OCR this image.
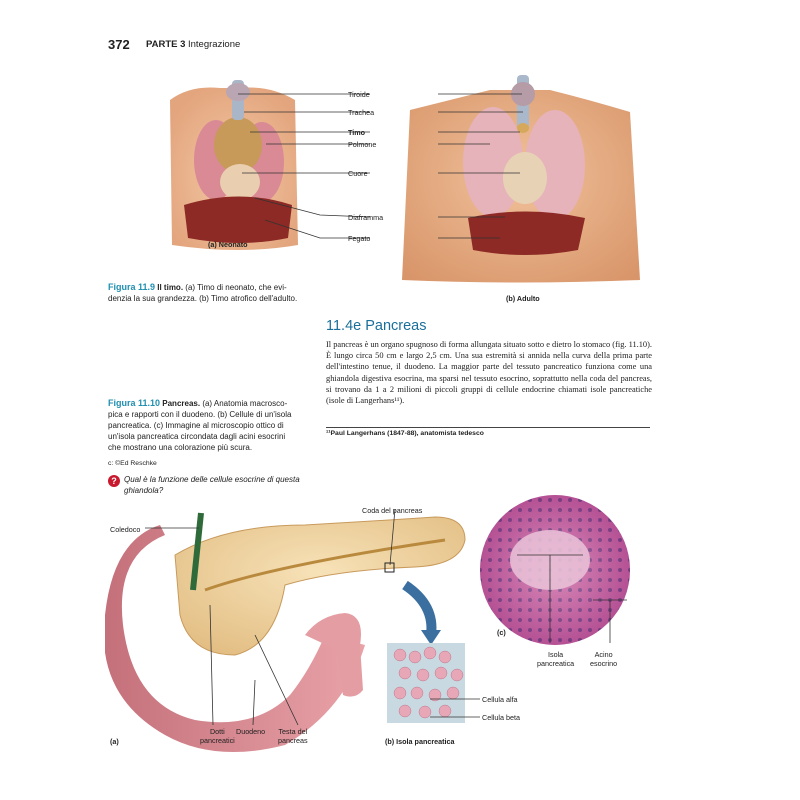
372 PARTE 3 Integrazione
Tiroide
Trachea
Timo
Polmone
Cuore
Diaframma
Fegato
(a) Neonato
(b) Adulto
Figura 11.9 Il timo. (a) Timo di neonato, che evi-
denzia la sua grandezza. (b) Timo atrofico dell'adulto.
11.4e Pancreas
Il pancreas è un organo spugnoso di forma allungata situato sotto e dietro lo stomaco (fig. 11.10). È lungo circa 50 cm e largo 2,5 cm. Una sua estremità si annida nella curva della prima parte dell'intestino tenue, il duodeno. La maggior parte del tessuto pancreatico funziona come una ghiandola digestiva esocrina, ma sparsi nel tessuto esocrino, soprattutto nella coda del pancreas, si trovano da 1 a 2 milioni di piccoli gruppi di cellule endocrine chiamati isole pancreatiche (isole di Langerhans¹¹).
¹¹Paul Langerhans (1847-88), anatomista tedesco
Figura 11.10 Pancreas. (a) Anatomia macrosco-
pica e rapporti con il duodeno. (b) Cellule di un'isola
pancreatica. (c) Immagine al microscopio ottico di
un'isola pancreatica circondata dagli acini esocrini
che mostrano una colorazione più scura.
c: ©Ed Reschke
? Qual è la funzione delle cellule esocrine di questa ghiandola?
Coledoco
Coda del pancreas
Dotti
pancreatici
Duodeno Testa del
pancreas
Cellula alfa
Cellula beta
Isola
pancreatica
Acino
esocrino
(a)	(b) Isola pancreatica
(c)
